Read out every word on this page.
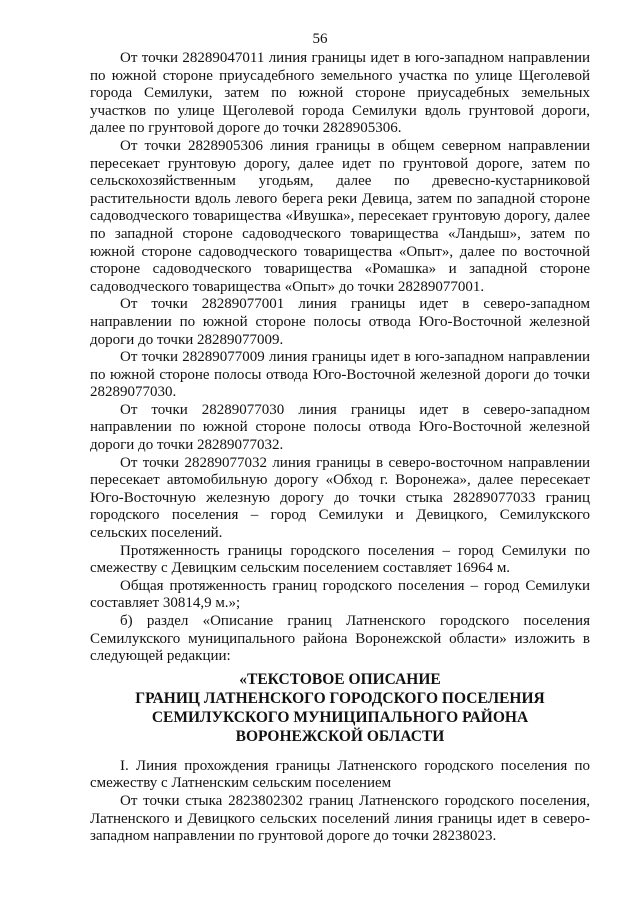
56

От точки 28289047011 линия границы идет в юго-западном направлении по южной стороне приусадебного земельного участка по улице Щеголевой города Семилуки, затем по южной стороне приусадебных земельных участков по улице Щеголевой города Семилуки вдоль грунтовой дороги, далее по грунтовой дороге до точки 2828905306.

От точки 2828905306 линия границы в общем северном направлении пересекает грунтовую дорогу, далее идет по грунтовой дороге, затем по сельскохозяйственным угодьям, далее по древесно-кустарниковой растительности вдоль левого берега реки Девица, затем по западной стороне садоводческого товарищества «Ивушка», пересекает грунтовую дорогу, далее по западной стороне садоводческого товарищества «Ландыш», затем по южной стороне садоводческого товарищества «Опыт», далее по восточной стороне садоводческого товарищества «Ромашка» и западной стороне садоводческого товарищества «Опыт» до точки 28289077001.

От точки 28289077001 линия границы идет в северо-западном направлении по южной стороне полосы отвода Юго-Восточной железной дороги до точки 28289077009.

От точки 28289077009 линия границы идет в юго-западном направлении по южной стороне полосы отвода Юго-Восточной железной дороги до точки 28289077030.

От точки 28289077030 линия границы идет в северо-западном направлении по южной стороне полосы отвода Юго-Восточной железной дороги до точки 28289077032.

От точки 28289077032 линия границы в северо-восточном направлении пересекает автомобильную дорогу «Обход г. Воронежа», далее пересекает Юго-Восточную железную дорогу до точки стыка 28289077033 границ городского поселения – город Семилуки и Девицкого, Семилукского сельских поселений.

Протяженность границы городского поселения – город Семилуки по смежеству с Девицким сельским поселением составляет 16964 м.

Общая протяженность границ городского поселения – город Семилуки составляет 30814,9 м.»;

б) раздел «Описание границ Латненского городского поселения Семилукского муниципального района Воронежской области» изложить в следующей редакции:

«ТЕКСТОВОЕ ОПИСАНИЕ
ГРАНИЦ ЛАТНЕНСКОГО ГОРОДСКОГО ПОСЕЛЕНИЯ
СЕМИЛУКСКОГО МУНИЦИПАЛЬНОГО РАЙОНА
ВОРОНЕЖСКОЙ ОБЛАСТИ

I. Линия прохождения границы Латненского городского поселения по смежеству с Латненским сельским поселением

От точки стыка 2823802302 границ Латненского городского поселения, Латненского и Девицкого сельских поселений линия границы идет в северо-западном направлении по грунтовой дороге до точки 28238023.
